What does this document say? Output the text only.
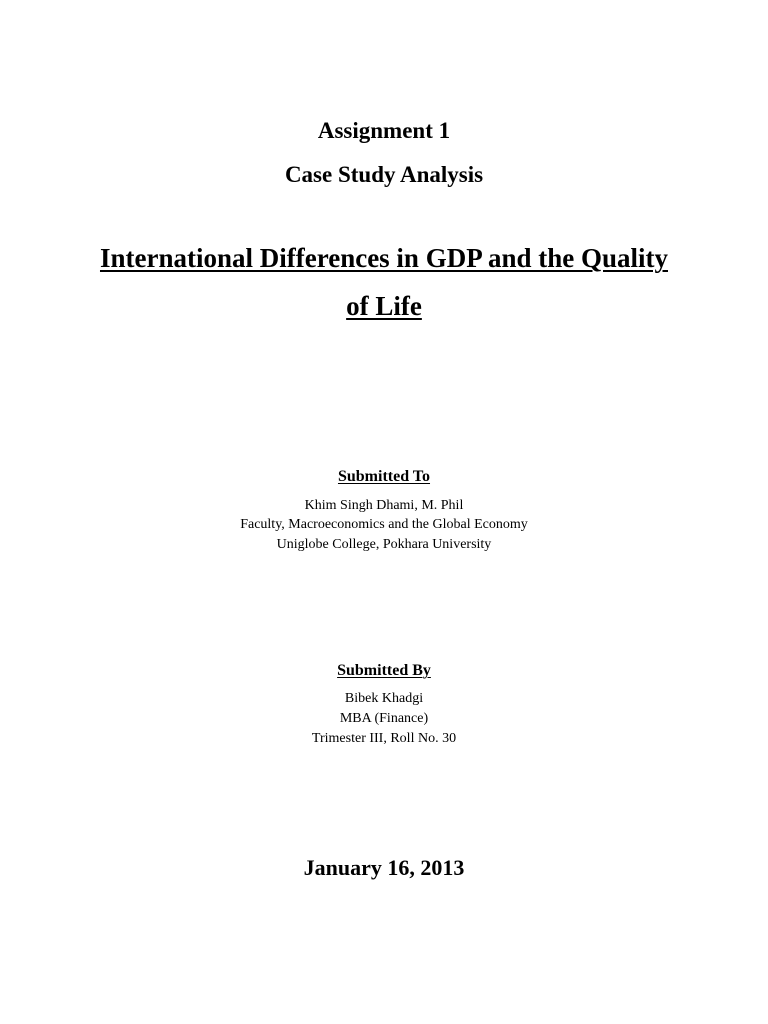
Assignment 1

Case Study Analysis

International Differences in GDP and the Quality

of Life

Submitted To

Khim Singh Dhami, M. Phil

Faculty, Macroeconomics and the Global Economy

Uniglobe College, Pokhara University

Submitted By

Bibek Khadgi

MBA (Finance)

Trimester III, Roll No. 30

January 16, 2013
